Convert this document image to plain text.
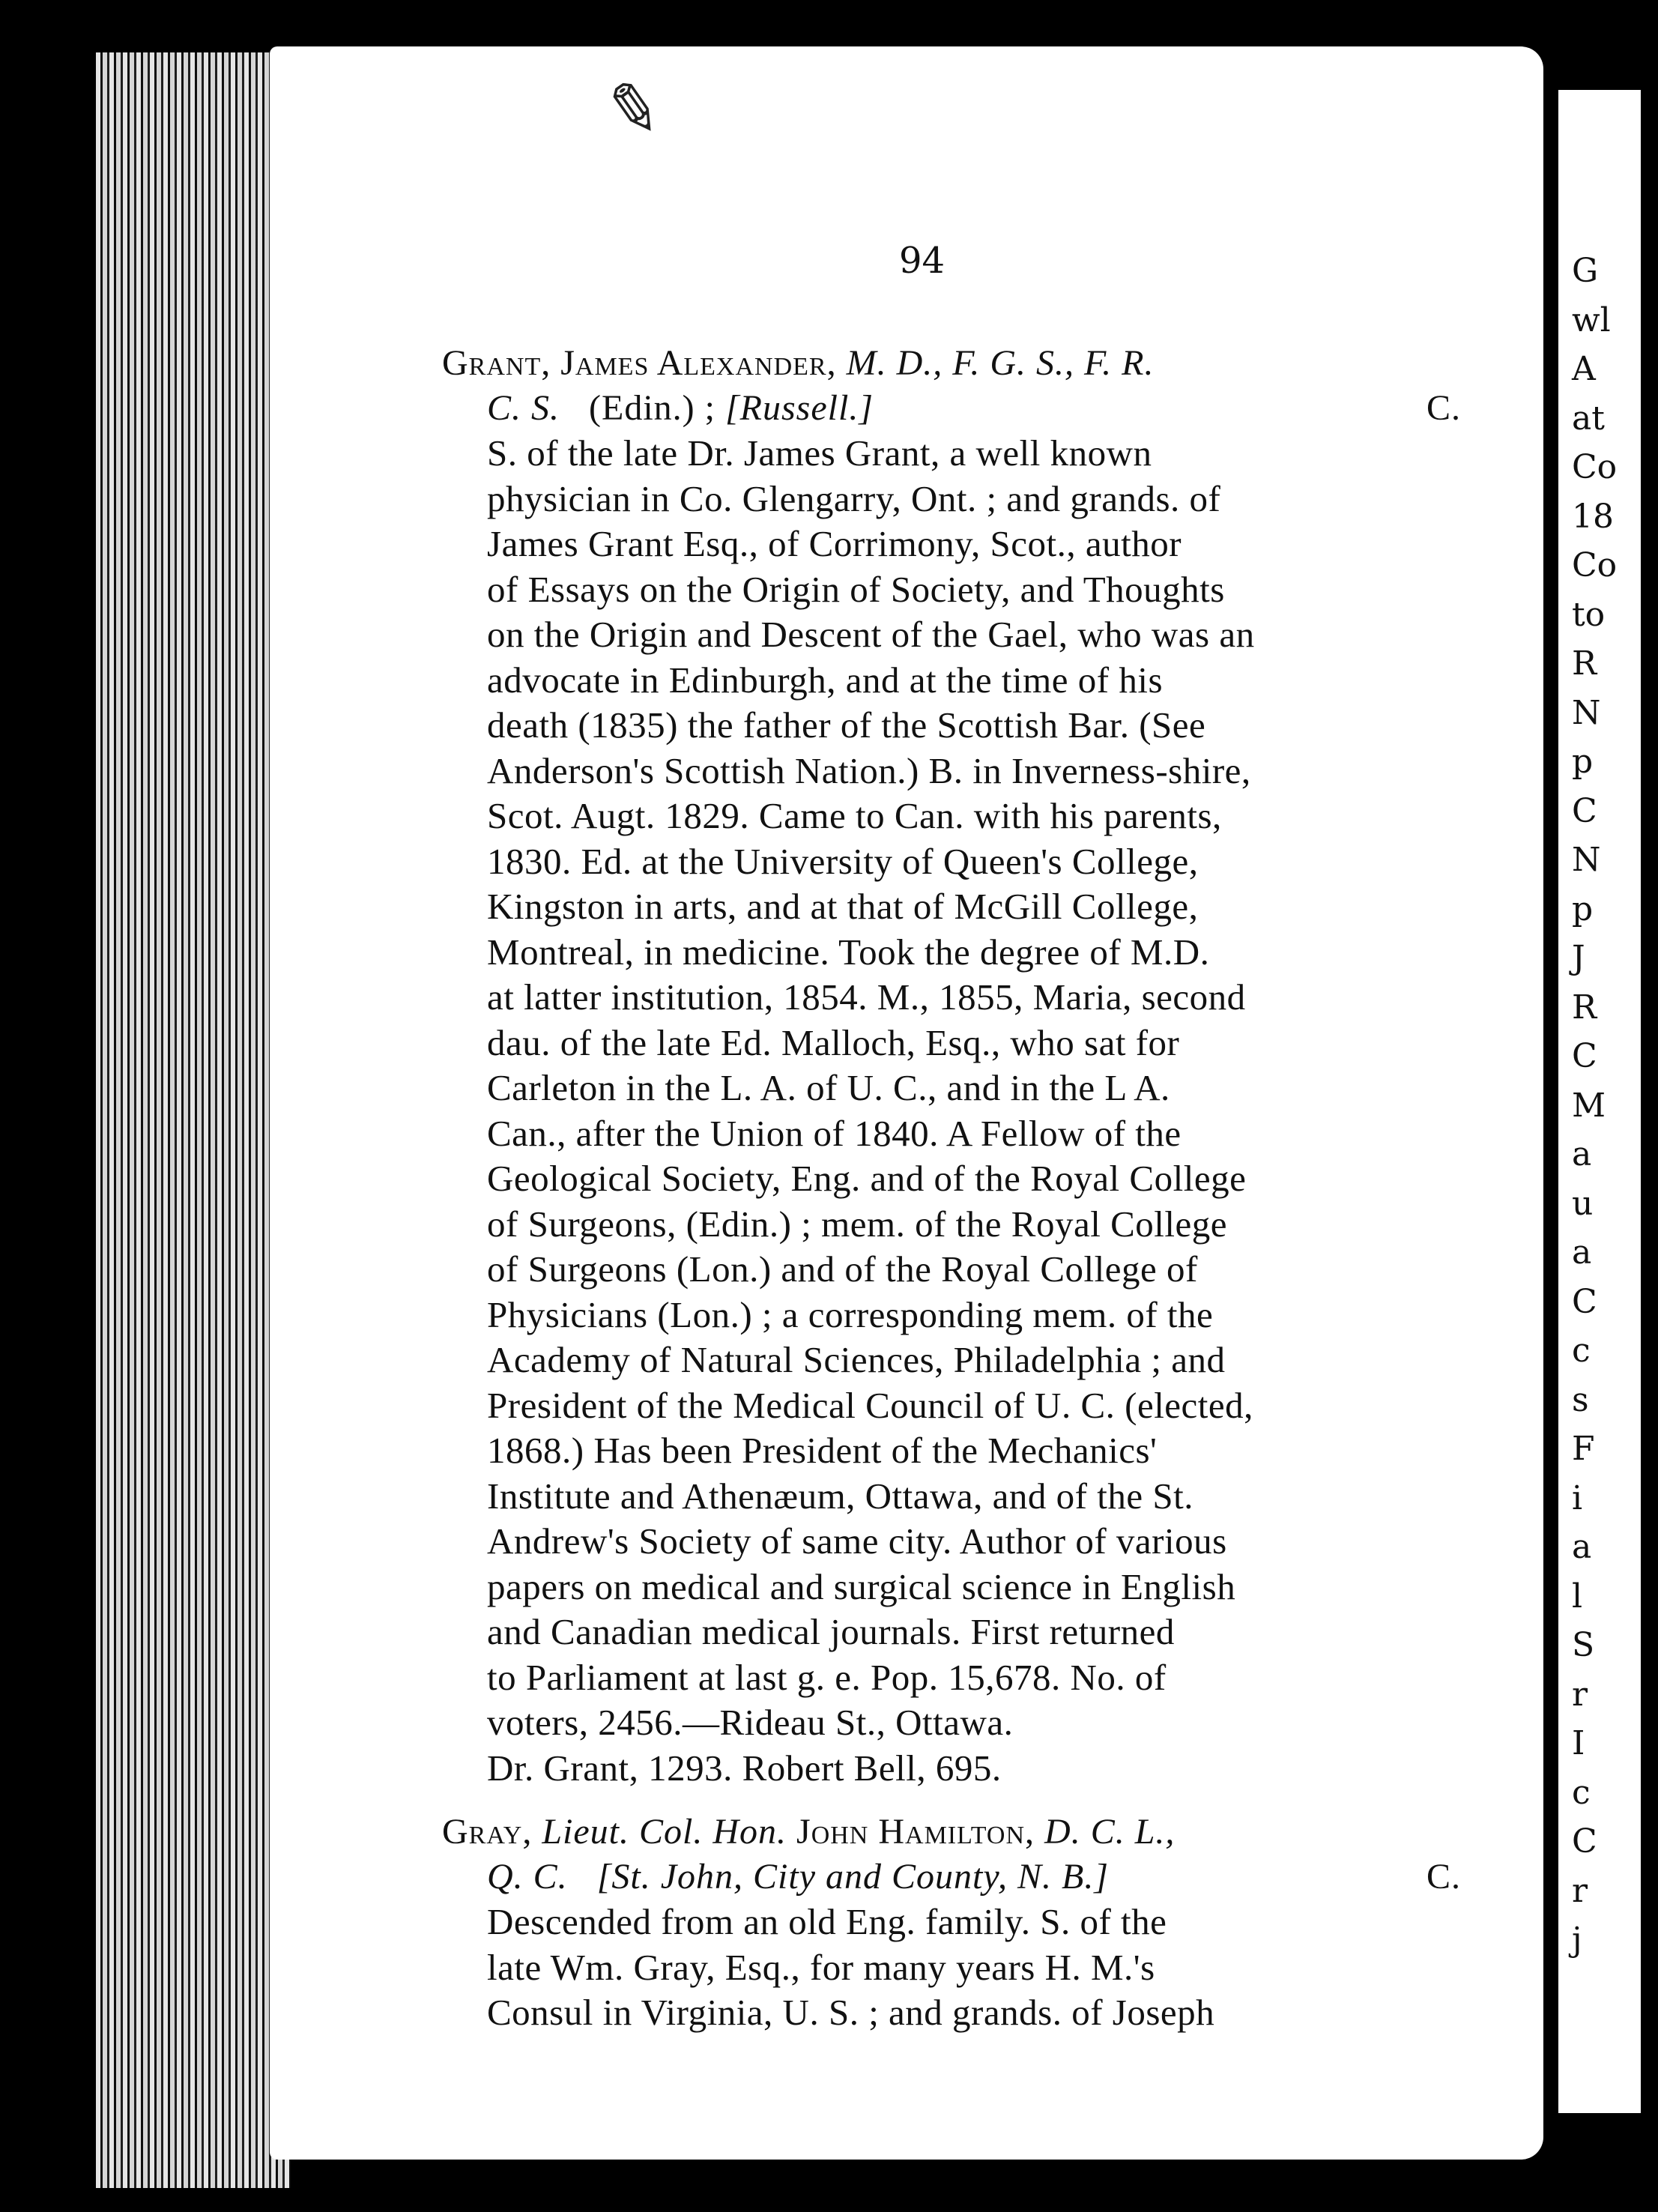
G
wl
A
at
Co
18
Co
to
R
N
p
C
N
p
J
R
C
M
a
u
a
C
c
s
F
i
a
l
S
r
I
c
C
r
j
✎
94
Grant, James Alexander, M. D., F. G. S., F. R.
C. S. (Edin.) ; [Russell.]	C.
S. of the late Dr. James Grant, a well known
physician in Co. Glengarry, Ont. ; and grands. of
James Grant Esq., of Corrimony, Scot., author
of Essays on the Origin of Society, and Thoughts
on the Origin and Descent of the Gael, who was an
advocate in Edinburgh, and at the time of his
death (1835) the father of the Scottish Bar. (See
Anderson's Scottish Nation.) B. in Inverness-shire,
Scot. Augt. 1829. Came to Can. with his parents,
1830. Ed. at the University of Queen's College,
Kingston in arts, and at that of McGill College,
Montreal, in medicine. Took the degree of M.D.
at latter institution, 1854. M., 1855, Maria, second
dau. of the late Ed. Malloch, Esq., who sat for
Carleton in the L. A. of U. C., and in the L A.
Can., after the Union of 1840. A Fellow of the
Geological Society, Eng. and of the Royal College
of Surgeons, (Edin.) ; mem. of the Royal College
of Surgeons (Lon.) and of the Royal College of
Physicians (Lon.) ; a corresponding mem. of the
Academy of Natural Sciences, Philadelphia ; and
President of the Medical Council of U. C. (elected,
1868.) Has been President of the Mechanics'
Institute and Athenæum, Ottawa, and of the St.
Andrew's Society of same city. Author of various
papers on medical and surgical science in English
and Canadian medical journals. First returned
to Parliament at last g. e. Pop. 15,678. No. of
voters, 2456.—Rideau St., Ottawa.
Dr. Grant, 1293. Robert Bell, 695.
Gray, Lieut. Col. Hon. John Hamilton, D. C. L.,
Q. C. [St. John, City and County, N. B.]	C.
Descended from an old Eng. family. S. of the
late Wm. Gray, Esq., for many years H. M.'s
Consul in Virginia, U. S. ; and grands. of Joseph
